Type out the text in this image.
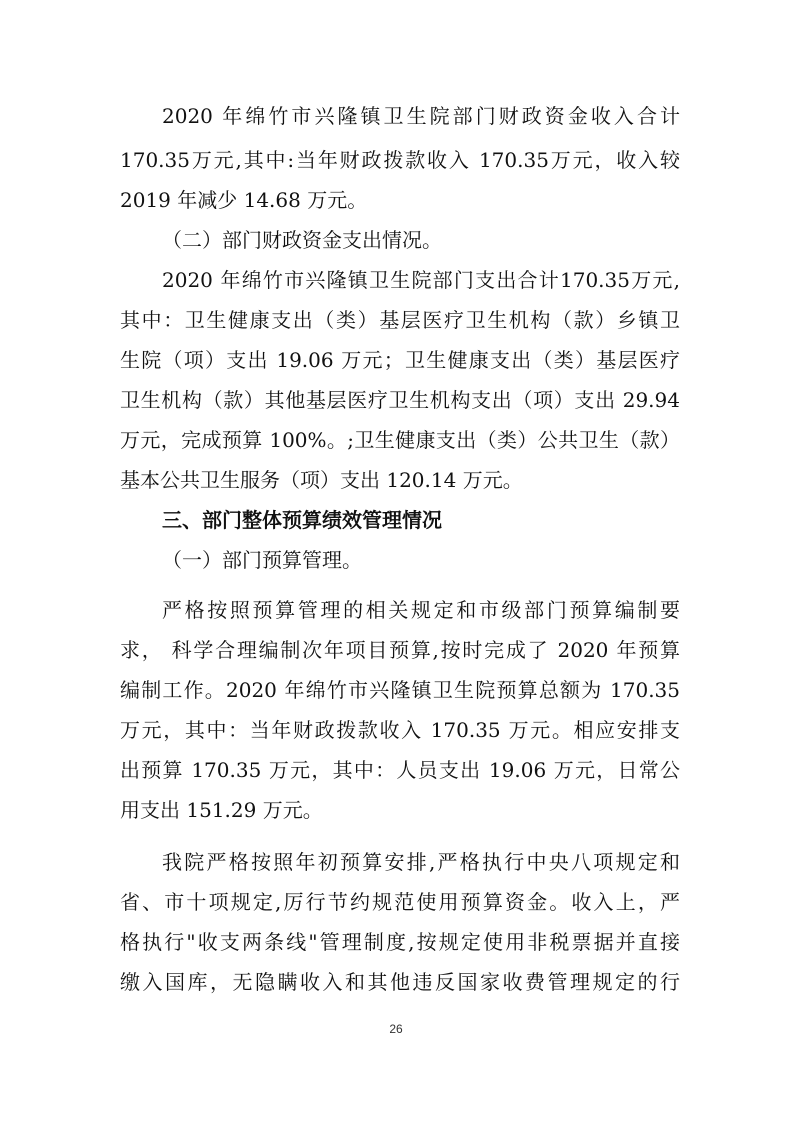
2020 年绵竹市兴隆镇卫生院部门财政资金收入合计
170.35万元,其中:当年财政拨款收入 170.35万元，收入较
2019 年减少 14.68 万元。
（二）部门财政资金支出情况。
2020 年绵竹市兴隆镇卫生院部门支出合计170.35万元,
其中：卫生健康支出（类）基层医疗卫生机构（款）乡镇卫
生院（项）支出 19.06 万元；卫生健康支出（类）基层医疗
卫生机构（款）其他基层医疗卫生机构支出（项）支出 29.94
万元，完成预算 100%。;卫生健康支出（类）公共卫生（款）
基本公共卫生服务（项）支出 120.14 万元。
三、部门整体预算绩效管理情况
（一）部门预算管理。
严格按照预算管理的相关规定和市级部门预算编制要
求， 科学合理编制次年项目预算,按时完成了 2020 年预算
编制工作。2020 年绵竹市兴隆镇卫生院预算总额为 170.35
万元，其中：当年财政拨款收入 170.35 万元。相应安排支
出预算 170.35 万元，其中：人员支出 19.06 万元，日常公
用支出 151.29 万元。
我院严格按照年初预算安排,严格执行中央八项规定和
省、市十项规定,厉行节约规范使用预算资金。收入上，严
格执行"收支两条线"管理制度,按规定使用非税票据并直接
缴入国库，无隐瞒收入和其他违反国家收费管理规定的行
26
